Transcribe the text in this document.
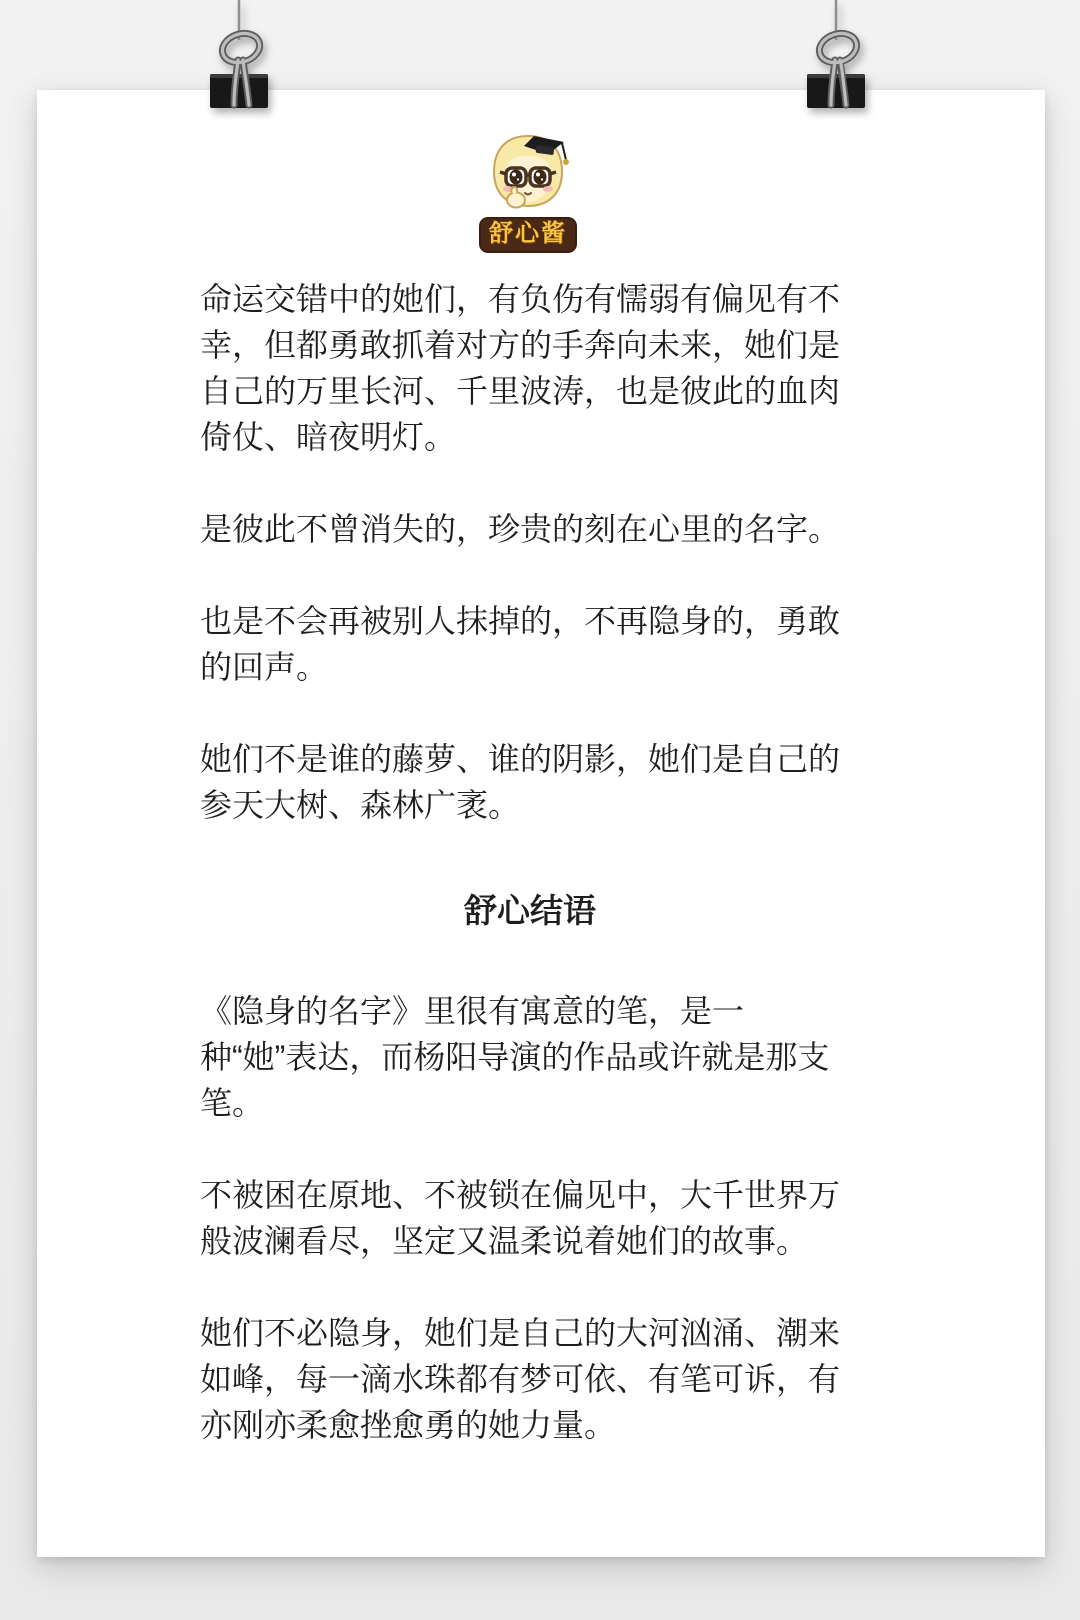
舒心酱

命运交错中的她们，有负伤有懦弱有偏见有不幸，但都勇敢抓着对方的手奔向未来，她们是自己的万里长河、千里波涛，也是彼此的血肉倚仗、暗夜明灯。

是彼此不曾消失的，珍贵的刻在心里的名字。

也是不会再被别人抹掉的，不再隐身的，勇敢的回声。

她们不是谁的藤萝、谁的阴影，她们是自己的参天大树、森林广袤。

舒心结语

《隐身的名字》里很有寓意的笔，是一种“她”表达，而杨阳导演的作品或许就是那支笔。

不被困在原地、不被锁在偏见中，大千世界万般波澜看尽，坚定又温柔说着她们的故事。

她们不必隐身，她们是自己的大河汹涌、潮来如峰，每一滴水珠都有梦可依、有笔可诉，有亦刚亦柔愈挫愈勇的她力量。
